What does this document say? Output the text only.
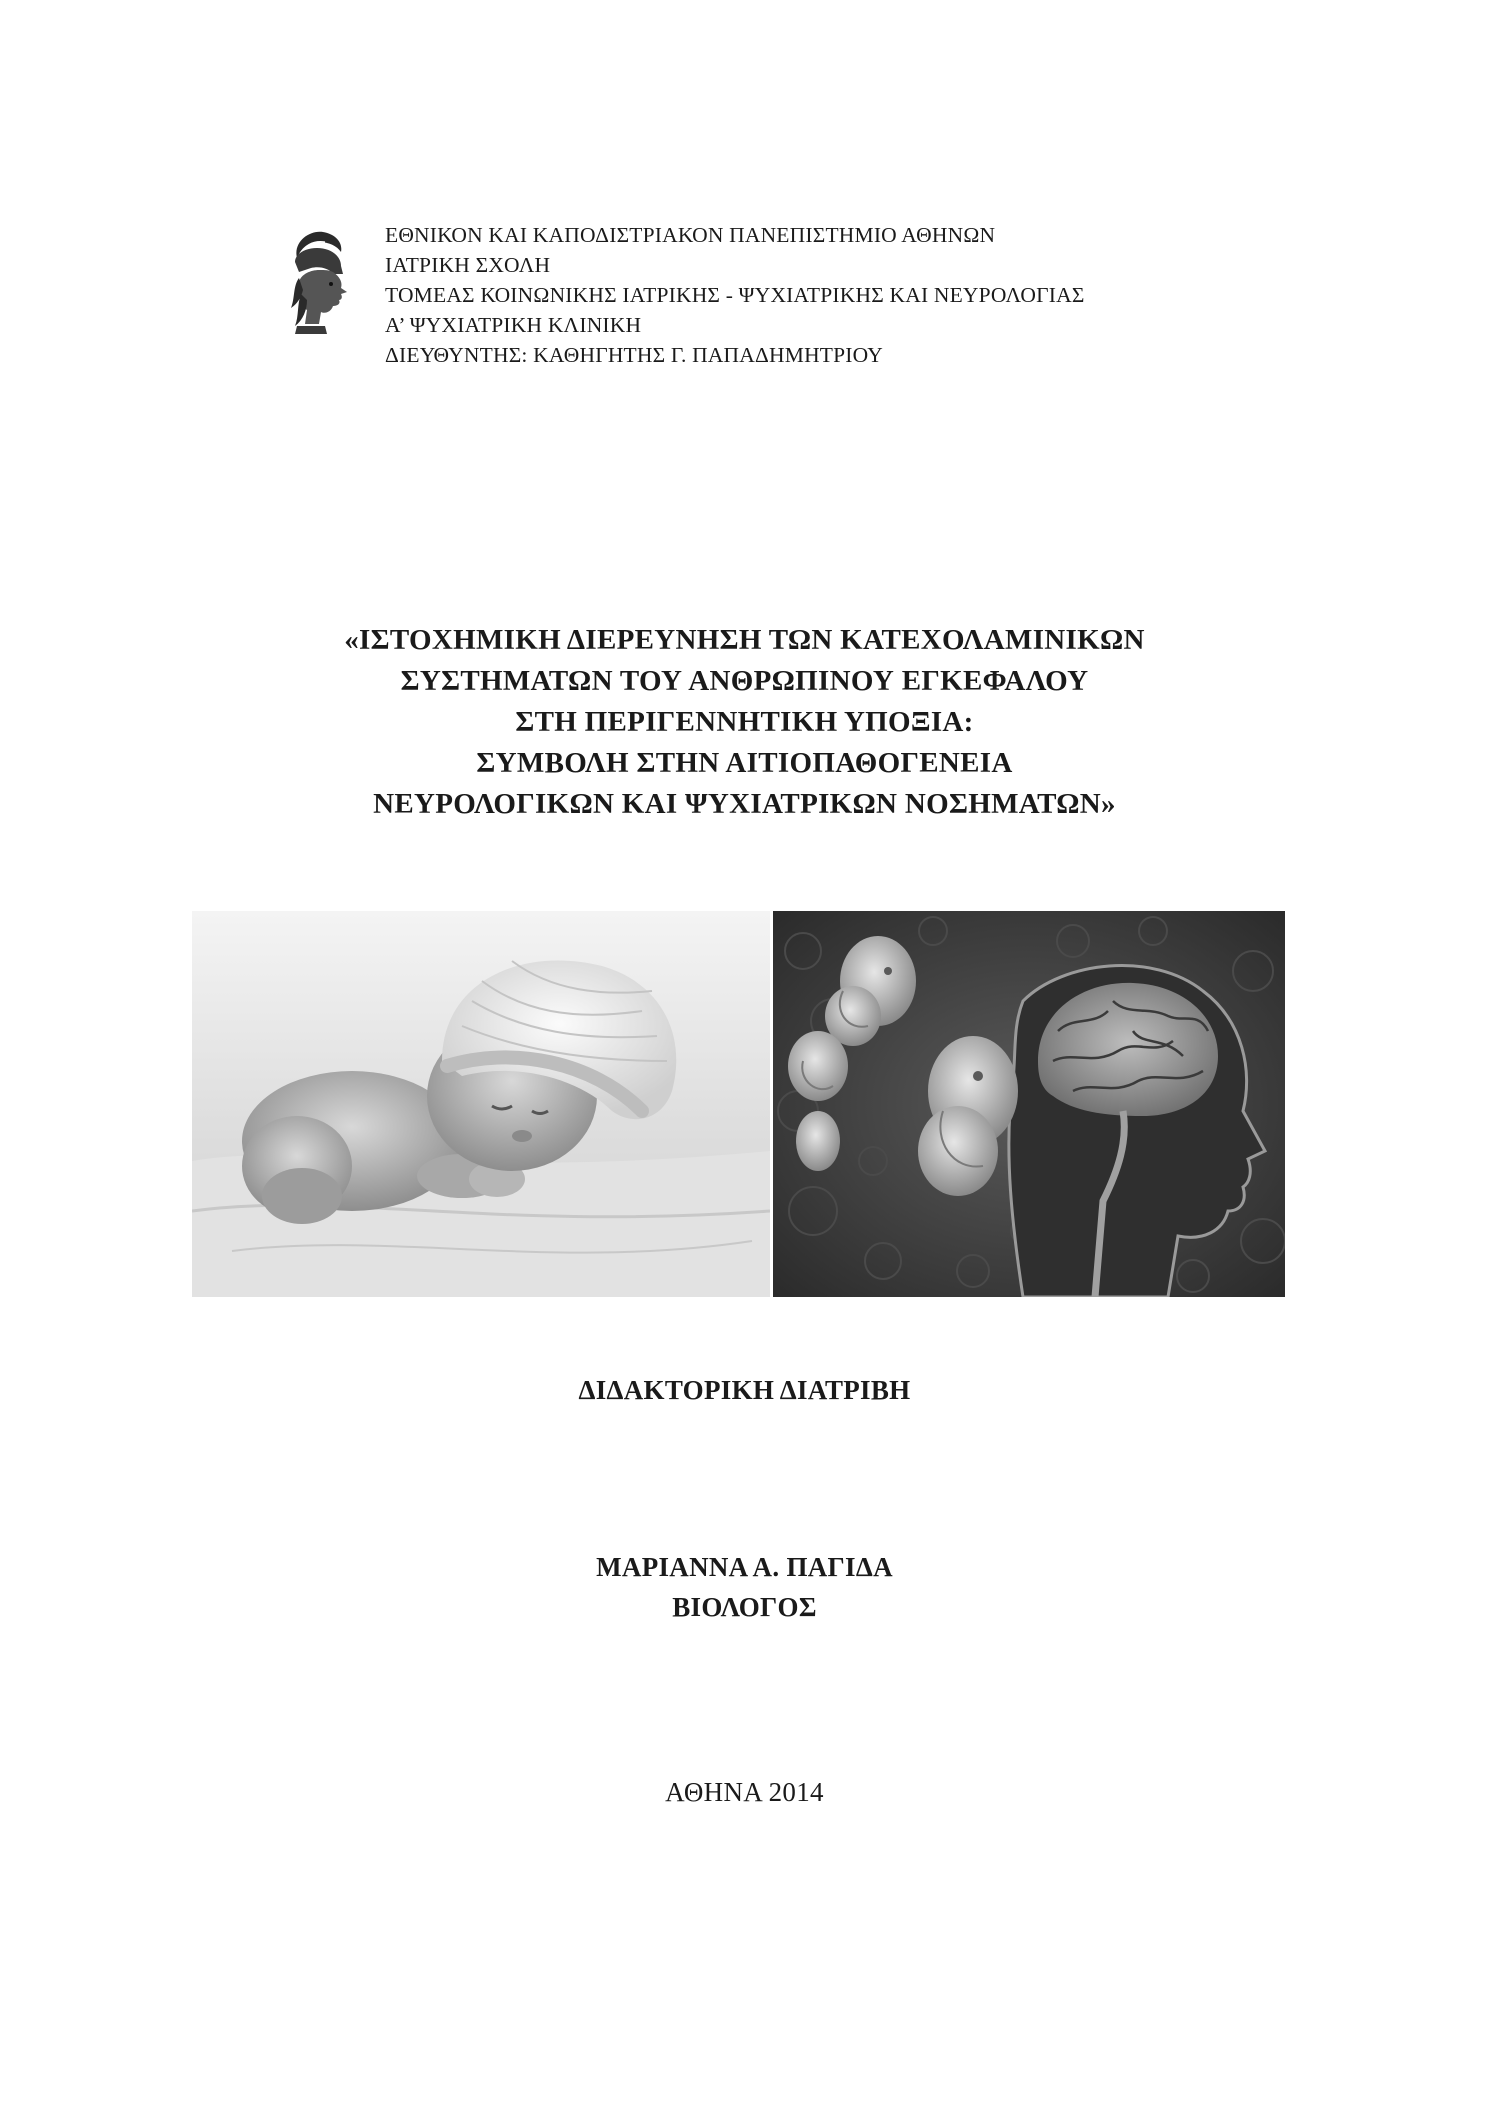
ΕΘΝΙΚΟΝ ΚΑΙ ΚΑΠΟΔΙΣΤΡΙΑΚΟΝ ΠΑΝΕΠΙΣΤΗΜΙΟ ΑΘΗΝΩΝ
ΙΑΤΡΙΚΗ ΣΧΟΛΗ
ΤΟΜΕΑΣ ΚΟΙΝΩΝΙΚΗΣ ΙΑΤΡΙΚΗΣ - ΨΥΧΙΑΤΡΙΚΗΣ ΚΑΙ ΝΕΥΡΟΛΟΓΙΑΣ
Α’ ΨΥΧΙΑΤΡΙΚΗ ΚΛΙΝΙΚΗ
ΔΙΕΥΘΥΝΤΗΣ: ΚΑΘΗΓΗΤΗΣ Γ. ΠΑΠΑΔΗΜΗΤΡΙΟΥ
«ΙΣΤΟΧΗΜΙΚΗ ΔΙΕΡΕΥΝΗΣΗ ΤΩΝ ΚΑΤΕΧΟΛΑΜΙΝΙΚΩΝ
ΣΥΣΤΗΜΑΤΩΝ ΤΟΥ ΑΝΘΡΩΠΙΝΟΥ ΕΓΚΕΦΑΛΟΥ
ΣΤΗ ΠΕΡΙΓΕΝΝΗΤΙΚΗ ΥΠΟΞΙΑ:
ΣΥΜΒΟΛΗ ΣΤΗΝ ΑΙΤΙΟΠΑΘΟΓΕΝΕΙΑ
ΝΕΥΡΟΛΟΓΙΚΩΝ ΚΑΙ ΨΥΧΙΑΤΡΙΚΩΝ ΝΟΣΗΜΑΤΩΝ»
ΔΙΔΑΚΤΟΡΙΚΗ ΔΙΑΤΡΙΒΗ
ΜΑΡΙΑΝΝΑ Α. ΠΑΓΙΔΑ
ΒΙΟΛΟΓΟΣ
ΑΘΗΝΑ 2014
